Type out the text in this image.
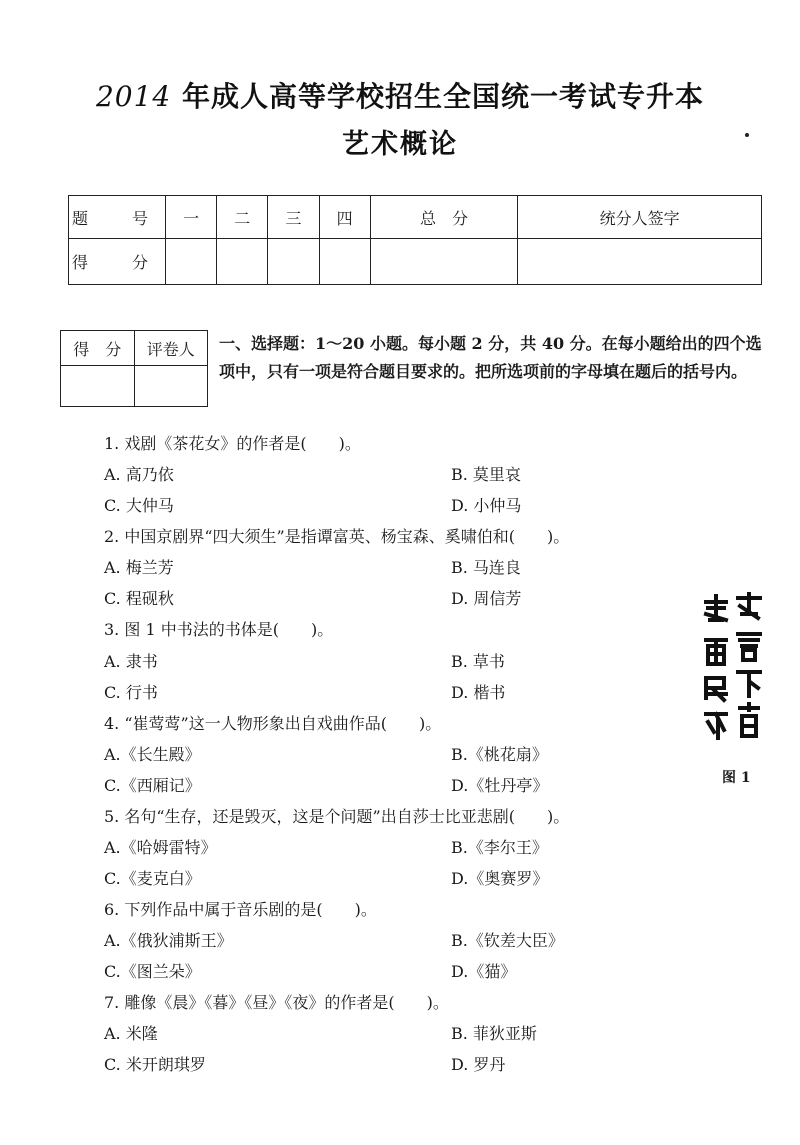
2014 年成人高等学校招生全国统一考试专升本
艺术概论
题　号	一	二	三	四	总　分	统分人签字
得　分						
得　分	评卷人
	一、选择题：1～20 小题。每小题 2 分，共 40 分。在每小题给出的四个选项中，只有一项是符合题目要求的。把所选项前的字母填在题后的括号内。
1. 戏剧《茶花女》的作者是(　　)。
A. 高乃依	B. 莫里哀
C. 大仲马	D. 小仲马
2. 中国京剧界“四大须生”是指谭富英、杨宝森、奚啸伯和(　　)。
A. 梅兰芳	B. 马连良
C. 程砚秋	D. 周信芳
3. 图 1 中书法的书体是(　　)。
A. 隶书	B. 草书
C. 行书	D. 楷书
4. “崔莺莺”这一人物形象出自戏曲作品(　　)。
A.《长生殿》	B.《桃花扇》
C.《西厢记》	D.《牡丹亭》
5. 名句“生存，还是毁灭，这是个问题”出自莎士比亚悲剧(　　)。
A.《哈姆雷特》	B.《李尔王》
C.《麦克白》	D.《奥赛罗》
6. 下列作品中属于音乐剧的是(　　)。
A.《俄狄浦斯王》	B.《钦差大臣》
C.《图兰朵》	D.《猫》
7. 雕像《晨》《暮》《昼》《夜》的作者是(　　)。
A. 米隆	B. 菲狄亚斯
C. 米开朗琪罗	D. 罗丹
图 1
